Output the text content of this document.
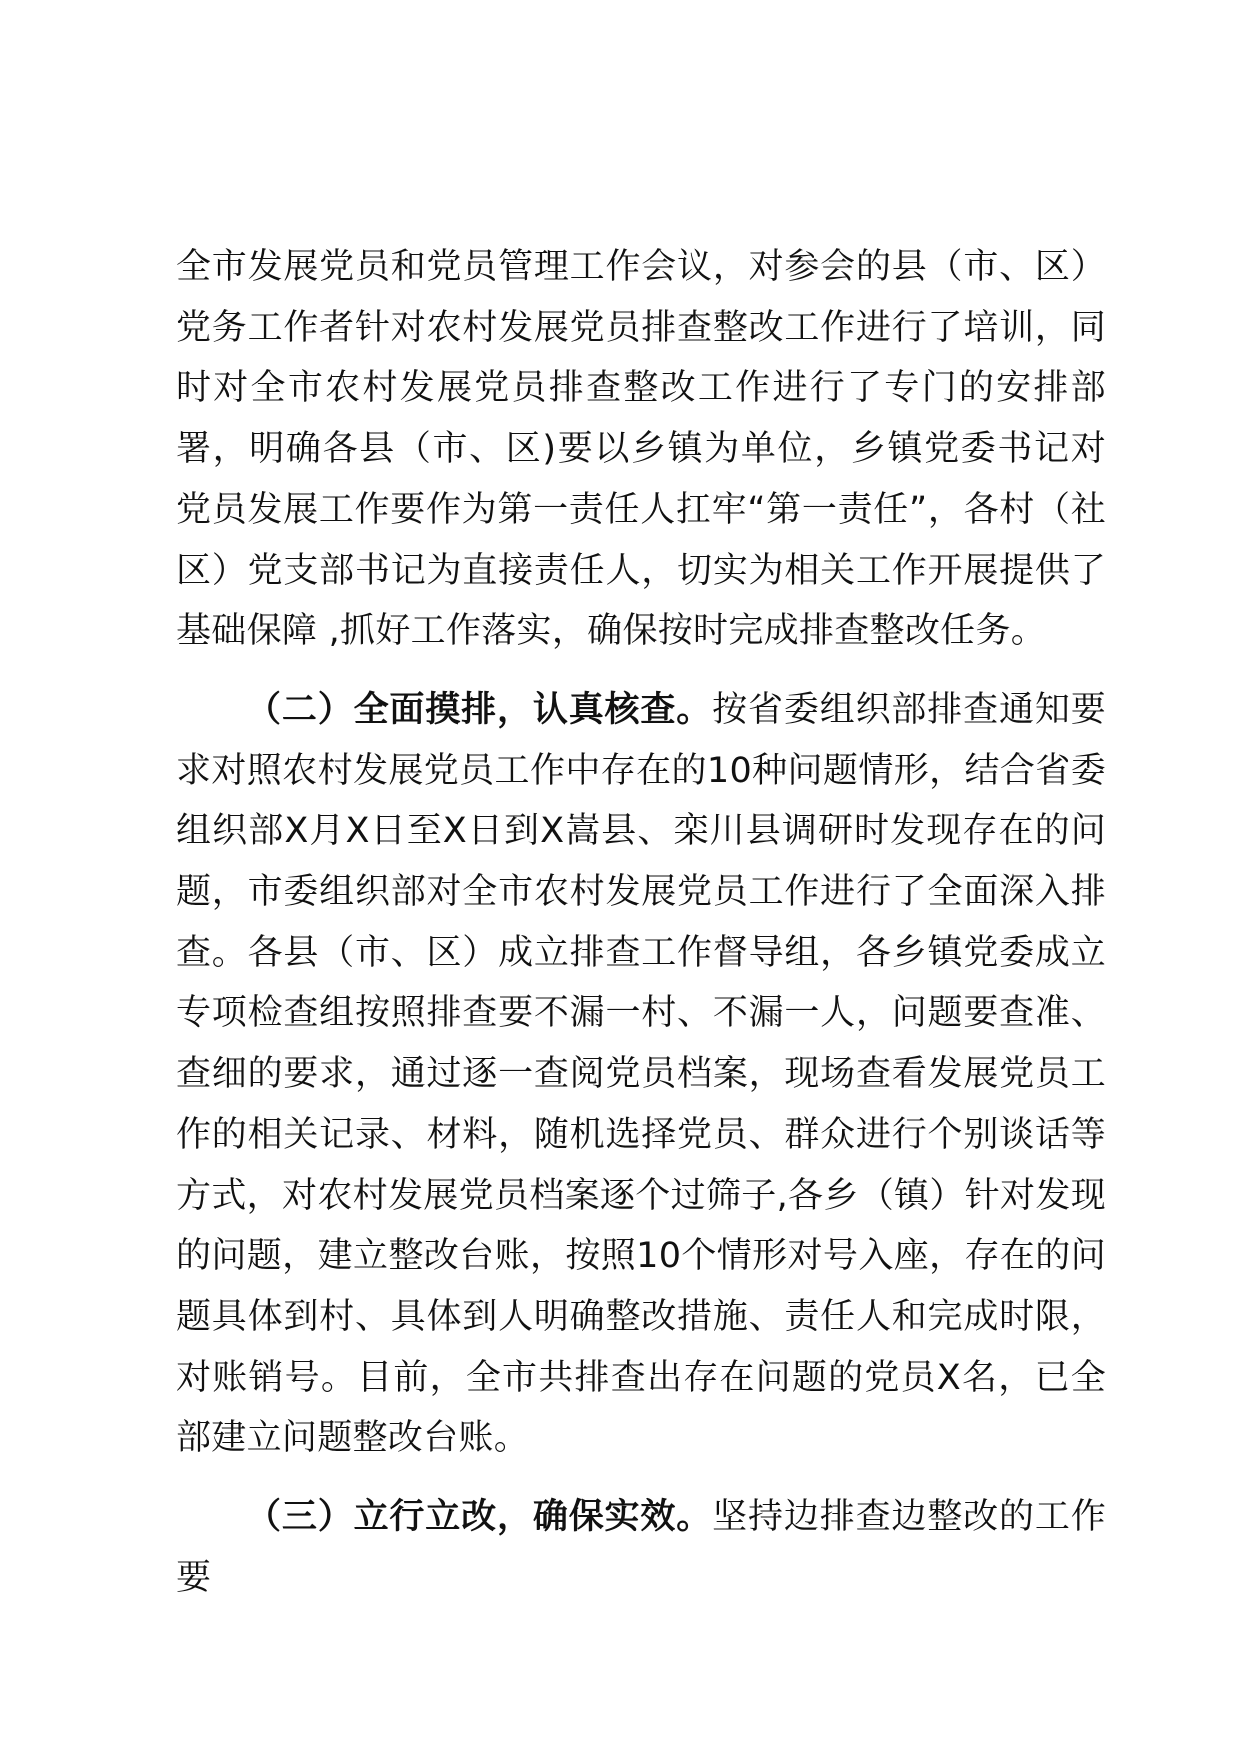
全市发展党员和党员管理工作会议，对参会的县（市、区）党务工作者针对农村发展党员排查整改工作进行了培训，同时对全市农村发展党员排查整改工作进行了专门的安排部署，明确各县（市、区)要以乡镇为单位，乡镇党委书记对党员发展工作要作为第一责任人扛牢“第一责任”，各村（社区）党支部书记为直接责任人，切实为相关工作开展提供了基础保障 ,抓好工作落实，确保按时完成排查整改任务。

（二）全面摸排，认真核查。按省委组织部排查通知要求对照农村发展党员工作中存在的10种问题情形，结合省委组织部X月X日至X日到X嵩县、栾川县调研时发现存在的问题，市委组织部对全市农村发展党员工作进行了全面深入排查。各县（市、区）成立排查工作督导组，各乡镇党委成立专项检查组按照排查要不漏一村、不漏一人，问题要查准、查细的要求，通过逐一查阅党员档案，现场查看发展党员工作的相关记录、材料，随机选择党员、群众进行个别谈话等方式，对农村发展党员档案逐个过筛子,各乡（镇）针对发现的问题，建立整改台账，按照10个情形对号入座，存在的问题具体到村、具体到人明确整改措施、责任人和完成时限，对账销号。目前，全市共排查出存在问题的党员X名，已全部建立问题整改台账。

（三）立行立改，确保实效。坚持边排查边整改的工作要
